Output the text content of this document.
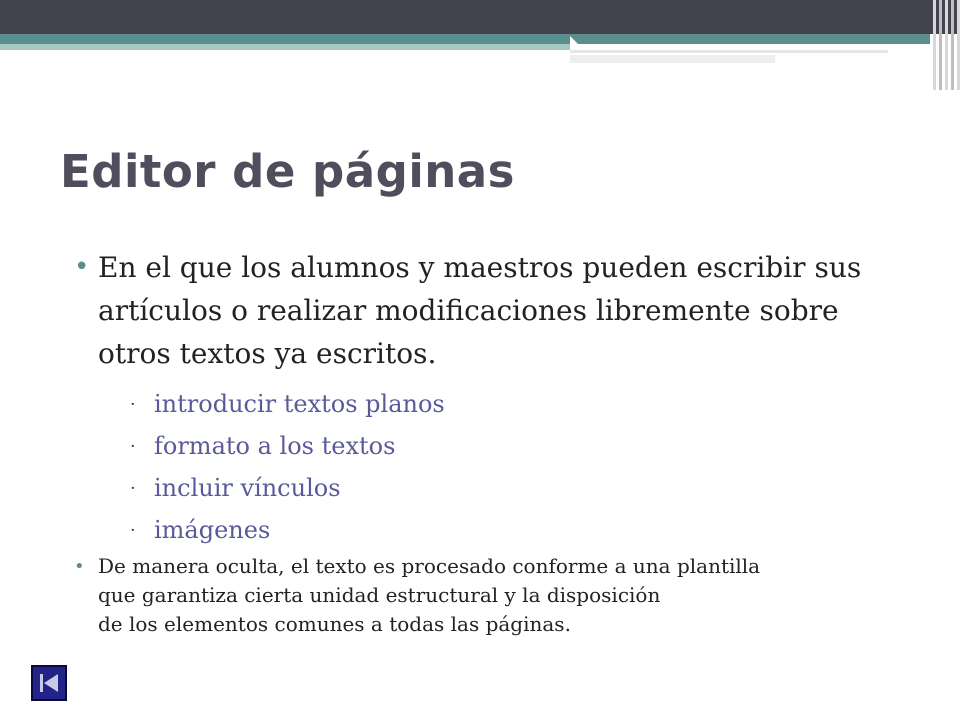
Editor de páginas
• En el que los alumnos y maestros pueden escribir sus artículos o realizar modificaciones libremente sobre otros textos ya escritos.
· introducir textos planos
· formato a los textos
· incluir vínculos
· imágenes
• De manera oculta, el texto es procesado conforme a una plantilla
que garantiza cierta unidad estructural y la disposición
de los elementos comunes a todas las páginas.
